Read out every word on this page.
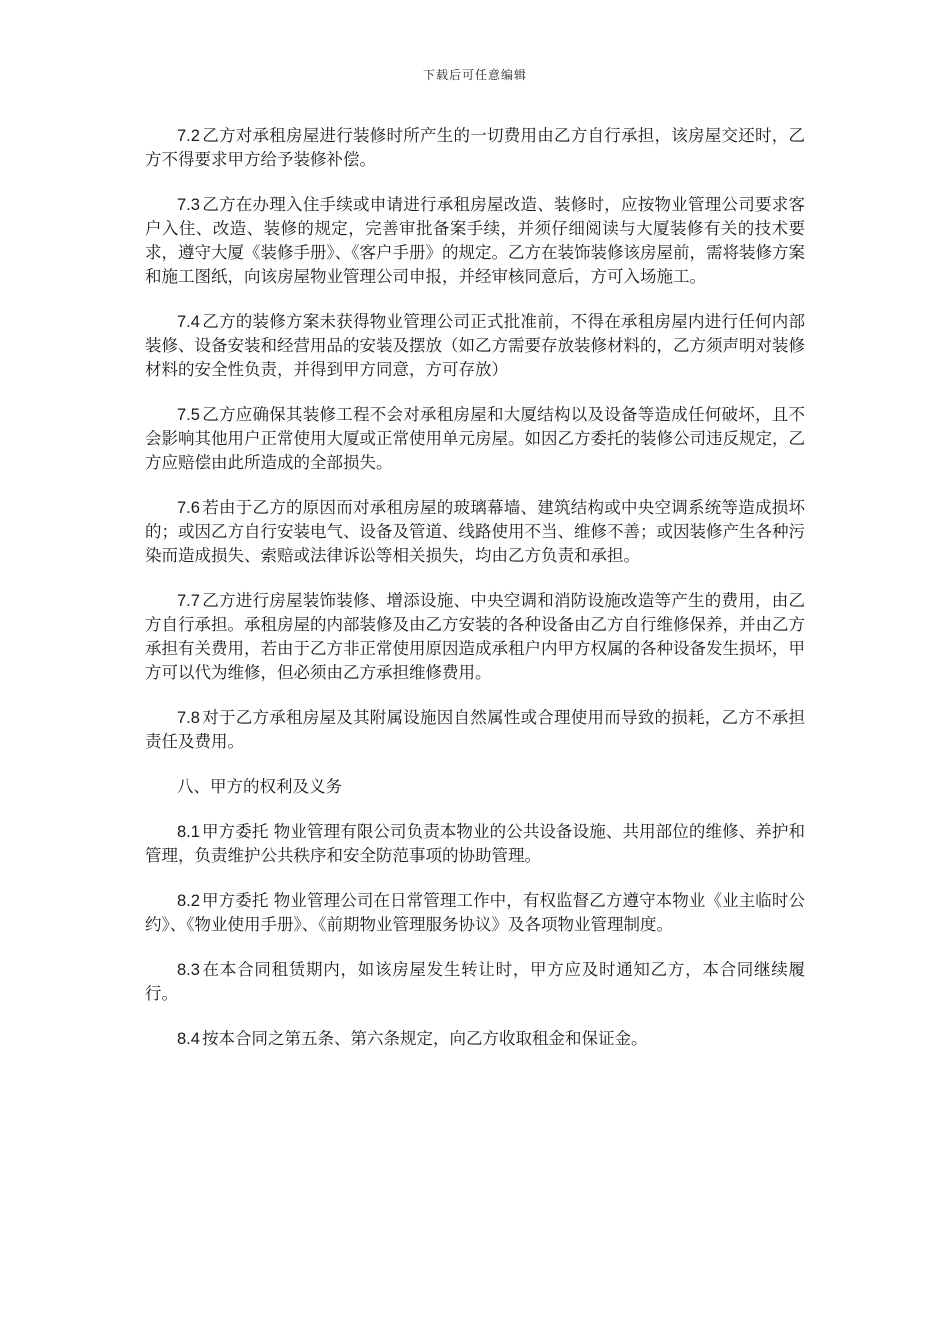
下载后可任意编辑

7.2 乙方对承租房屋进行装修时所产生的一切费用由乙方自行承担，该房屋交还时，乙方不得要求甲方给予装修补偿。

7.3 乙方在办理入住手续或申请进行承租房屋改造、装修时，应按物业管理公司要求客户入住、改造、装修的规定，完善审批备案手续，并须仔细阅读与大厦装修有关的技术要求，遵守大厦《装修手册》、《客户手册》的规定。乙方在装饰装修该房屋前，需将装修方案和施工图纸，向该房屋物业管理公司申报，并经审核同意后，方可入场施工。

7.4 乙方的装修方案未获得物业管理公司正式批准前，不得在承租房屋内进行任何内部装修、设备安装和经营用品的安装及摆放（如乙方需要存放装修材料的，乙方须声明对装修材料的安全性负责，并得到甲方同意，方可存放）

7.5 乙方应确保其装修工程不会对承租房屋和大厦结构以及设备等造成任何破坏，且不会影响其他用户正常使用大厦或正常使用单元房屋。如因乙方委托的装修公司违反规定，乙方应赔偿由此所造成的全部损失。

7.6 若由于乙方的原因而对承租房屋的玻璃幕墙、建筑结构或中央空调系统等造成损坏的；或因乙方自行安装电气、设备及管道、线路使用不当、维修不善；或因装修产生各种污染而造成损失、索赔或法律诉讼等相关损失，均由乙方负责和承担。

7.7 乙方进行房屋装饰装修、增添设施、中央空调和消防设施改造等产生的费用，由乙方自行承担。承租房屋的内部装修及由乙方安装的各种设备由乙方自行维修保养，并由乙方承担有关费用，若由于乙方非正常使用原因造成承租户内甲方权属的各种设备发生损坏，甲方可以代为维修，但必须由乙方承担维修费用。

7.8 对于乙方承租房屋及其附属设施因自然属性或合理使用而导致的损耗，乙方不承担责任及费用。

八、甲方的权利及义务

8.1 甲方委托 物业管理有限公司负责本物业的公共设备设施、共用部位的维修、养护和管理，负责维护公共秩序和安全防范事项的协助管理。

8.2 甲方委托 物业管理公司在日常管理工作中，有权监督乙方遵守本物业《业主临时公约》、《物业使用手册》、《前期物业管理服务协议》及各项物业管理制度。

8.3 在本合同租赁期内，如该房屋发生转让时，甲方应及时通知乙方，本合同继续履行。

8.4 按本合同之第五条、第六条规定，向乙方收取租金和保证金。
